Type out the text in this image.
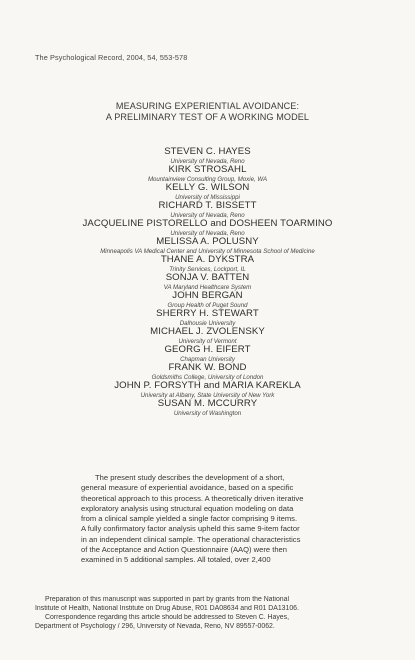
The Psychological Record, 2004, 54, 553-578
MEASURING EXPERIENTIAL AVOIDANCE:
A PRELIMINARY TEST OF A WORKING MODEL
STEVEN C. HAYES
University of Nevada, Reno
KIRK STROSAHL
Mountainview Consulting Group, Moxie, WA
KELLY G. WILSON
University of Mississippi
RICHARD T. BISSETT
University of Nevada, Reno
JACQUELINE PISTORELLO and DOSHEEN TOARMINO
University of Nevada, Reno
MELISSA A. POLUSNY
Minneapolis VA Medical Center and University of Minnesota School of Medicine
THANE A. DYKSTRA
Trinity Services, Lockport, IL
SONJA V. BATTEN
VA Maryland Healthcare System
JOHN BERGAN
Group Health of Puget Sound
SHERRY H. STEWART
Dalhousie University
MICHAEL J. ZVOLENSKY
University of Vermont
GEORG H. EIFERT
Chapman University
FRANK W. BOND
Goldsmiths College, University of London
JOHN P. FORSYTH and MARIA KAREKLA
University at Albany, State University of New York
SUSAN M. MCCURRY
University of Washington
The present study describes the development of a short,
general measure of experiential avoidance, based on a specific
theoretical approach to this process. A theoretically driven iterative
exploratory analysis using structural equation modeling on data
from a clinical sample yielded a single factor comprising 9 items.
A fully confirmatory factor analysis upheld this same 9-item factor
in an independent clinical sample. The operational characteristics
of the Acceptance and Action Questionnaire (AAQ) were then
examined in 5 additional samples. All totaled, over 2,400
Preparation of this manuscript was supported in part by grants from the National
Institute of Health, National Institute on Drug Abuse, R01 DA08634 and R01 DA13106.
Correspondence regarding this article should be addressed to Steven C. Hayes,
Department of Psychology / 296, University of Nevada, Reno, NV 89557-0062.
